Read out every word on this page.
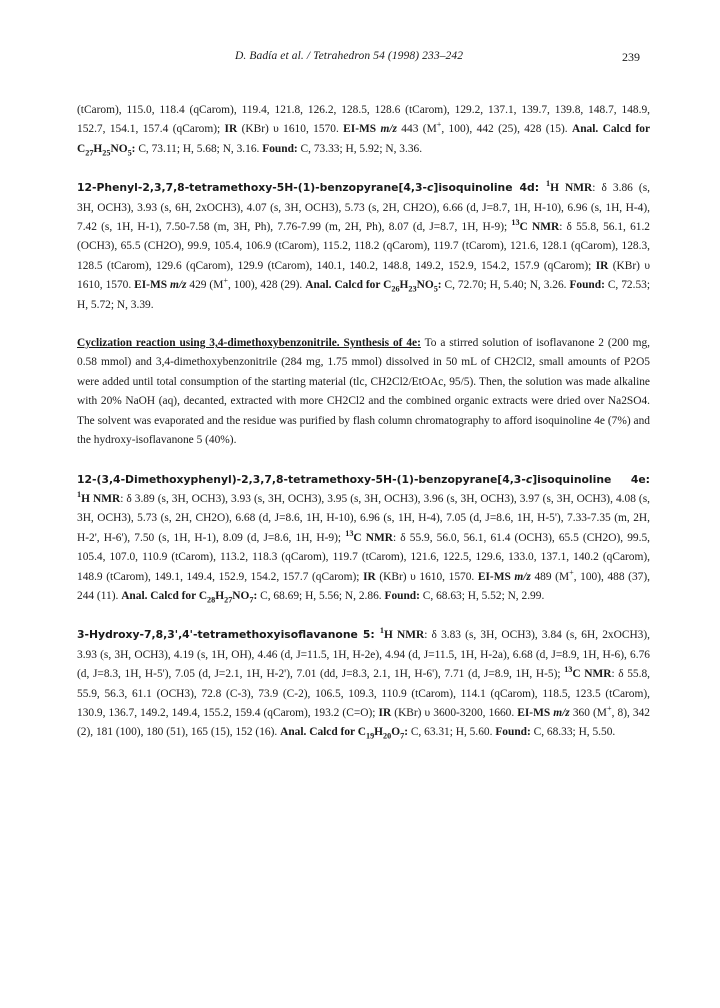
D. Badía et al. / Tetrahedron 54 (1998) 233–242	239

(tCarom), 115.0, 118.4 (qCarom), 119.4, 121.8, 126.2, 128.5, 128.6 (tCarom), 129.2, 137.1, 139.7, 139.8, 148.7, 148.9, 152.7, 154.1, 157.4 (qCarom); IR (KBr) υ 1610, 1570. EI-MS m/z 443 (M+, 100), 442 (25), 428 (15). Anal. Calcd for $C_{27}H_{25}NO_5$: C, 73.11; H, 5.68; N, 3.16. Found: C, 73.33; H, 5.92; N, 3.36.

12-Phenyl-2,3,7,8-tetramethoxy-5H-(1)-benzopyrane[4,3-c]isoquinoline 4d: $^1$H NMR: δ 3.86 (s, 3H, OCH3), 3.93 (s, 6H, 2xOCH3), 4.07 (s, 3H, OCH3), 5.73 (s, 2H, CH2O), 6.66 (d, J=8.7, 1H, H-10), 6.96 (s, 1H, H-4), 7.42 (s, 1H, H-1), 7.50-7.58 (m, 3H, Ph), 7.76-7.99 (m, 2H, Ph), 8.07 (d, J=8.7, 1H, H-9); $^{13}$C NMR: δ 55.8, 56.1, 61.2 (OCH3), 65.5 (CH2O), 99.9, 105.4, 106.9 (tCarom), 115.2, 118.2 (qCarom), 119.7 (tCarom), 121.6, 128.1 (qCarom), 128.3, 128.5 (tCarom), 129.6 (qCarom), 129.9 (tCarom), 140.1, 140.2, 148.8, 149.2, 152.9, 154.2, 157.9 (qCarom); IR (KBr) υ 1610, 1570. EI-MS m/z 429 (M+, 100), 428 (29). Anal. Calcd for $C_{26}H_{23}NO_5$: C, 72.70; H, 5.40; N, 3.26. Found: C, 72.53; H, 5.72; N, 3.39.

Cyclization reaction using 3,4-dimethoxybenzonitrile. Synthesis of 4e: To a stirred solution of isoflavanone 2 (200 mg, 0.58 mmol) and 3,4-dimethoxybenzonitrile (284 mg, 1.75 mmol) dissolved in 50 mL of CH2Cl2, small amounts of P2O5 were added until total consumption of the starting material (tlc, CH2Cl2/EtOAc, 95/5). Then, the solution was made alkaline with 20% NaOH (aq), decanted, extracted with more CH2Cl2 and the combined organic extracts were dried over Na2SO4. The solvent was evaporated and the residue was purified by flash column chromatography to afford isoquinoline 4e (7%) and the hydroxy-isoflavanone 5 (40%).

12-(3,4-Dimethoxyphenyl)-2,3,7,8-tetramethoxy-5H-(1)-benzopyrane[4,3-c]isoquinoline 4e: $^1$H NMR: δ 3.89 (s, 3H, OCH3), 3.93 (s, 3H, OCH3), 3.95 (s, 3H, OCH3), 3.96 (s, 3H, OCH3), 3.97 (s, 3H, OCH3), 4.08 (s, 3H, OCH3), 5.73 (s, 2H, CH2O), 6.68 (d, J=8.6, 1H, H-10), 6.96 (s, 1H, H-4), 7.05 (d, J=8.6, 1H, H-5'), 7.33-7.35 (m, 2H, H-2', H-6'), 7.50 (s, 1H, H-1), 8.09 (d, J=8.6, 1H, H-9); $^{13}$C NMR: δ 55.9, 56.0, 56.1, 61.4 (OCH3), 65.5 (CH2O), 99.5, 105.4, 107.0, 110.9 (tCarom), 113.2, 118.3 (qCarom), 119.7 (tCarom), 121.6, 122.5, 129.6, 133.0, 137.1, 140.2 (qCarom), 148.9 (tCarom), 149.1, 149.4, 152.9, 154.2, 157.7 (qCarom); IR (KBr) υ 1610, 1570. EI-MS m/z 489 (M+, 100), 488 (37), 244 (11). Anal. Calcd for $C_{28}H_{27}NO_7$: C, 68.69; H, 5.56; N, 2.86. Found: C, 68.63; H, 5.52; N, 2.99.

3-Hydroxy-7,8,3',4'-tetramethoxyisoflavanone 5: $^1$H NMR: δ 3.83 (s, 3H, OCH3), 3.84 (s, 6H, 2xOCH3), 3.93 (s, 3H, OCH3), 4.19 (s, 1H, OH), 4.46 (d, J=11.5, 1H, H-2e), 4.94 (d, J=11.5, 1H, H-2a), 6.68 (d, J=8.9, 1H, H-6), 6.76 (d, J=8.3, 1H, H-5'), 7.05 (d, J=2.1, 1H, H-2'), 7.01 (dd, J=8.3, 2.1, 1H, H-6'), 7.71 (d, J=8.9, 1H, H-5); $^{13}$C NMR: δ 55.8, 55.9, 56.3, 61.1 (OCH3), 72.8 (C-3), 73.9 (C-2), 106.5, 109.3, 110.9 (tCarom), 114.1 (qCarom), 118.5, 123.5 (tCarom), 130.9, 136.7, 149.2, 149.4, 155.2, 159.4 (qCarom), 193.2 (C=O); IR (KBr) υ 3600-3200, 1660. EI-MS m/z 360 (M+, 8), 342 (2), 181 (100), 180 (51), 165 (15), 152 (16). Anal. Calcd for $C_{19}H_{20}O_7$: C, 63.31; H, 5.60. Found: C, 68.33; H, 5.50.
